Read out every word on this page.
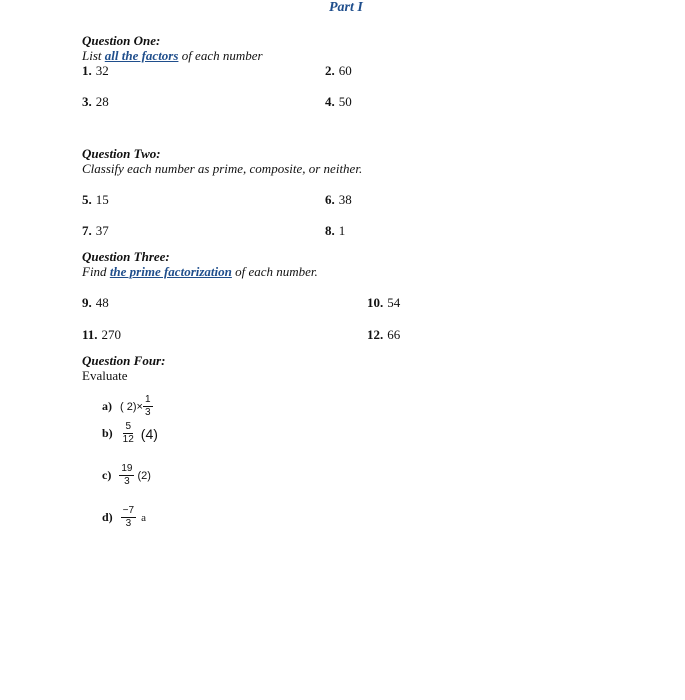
Part I
Question One:
List all the factors of each number
1. 32	2. 60
3. 28	4. 50
Question Two:
Classify each number as prime, composite, or neither.
5. 15	6. 38
7. 37	8. 1
Question Three:
Find the prime factorization of each number.
9. 48	10. 54
11. 270	12. 66
Question Four:
Evaluate
a) ( $2)\times \frac{1}{3}$
$b) \frac{5}{12} (4)$
$c) \frac{19}{3} (2)$
$d) \frac{-7}{3}$ a
